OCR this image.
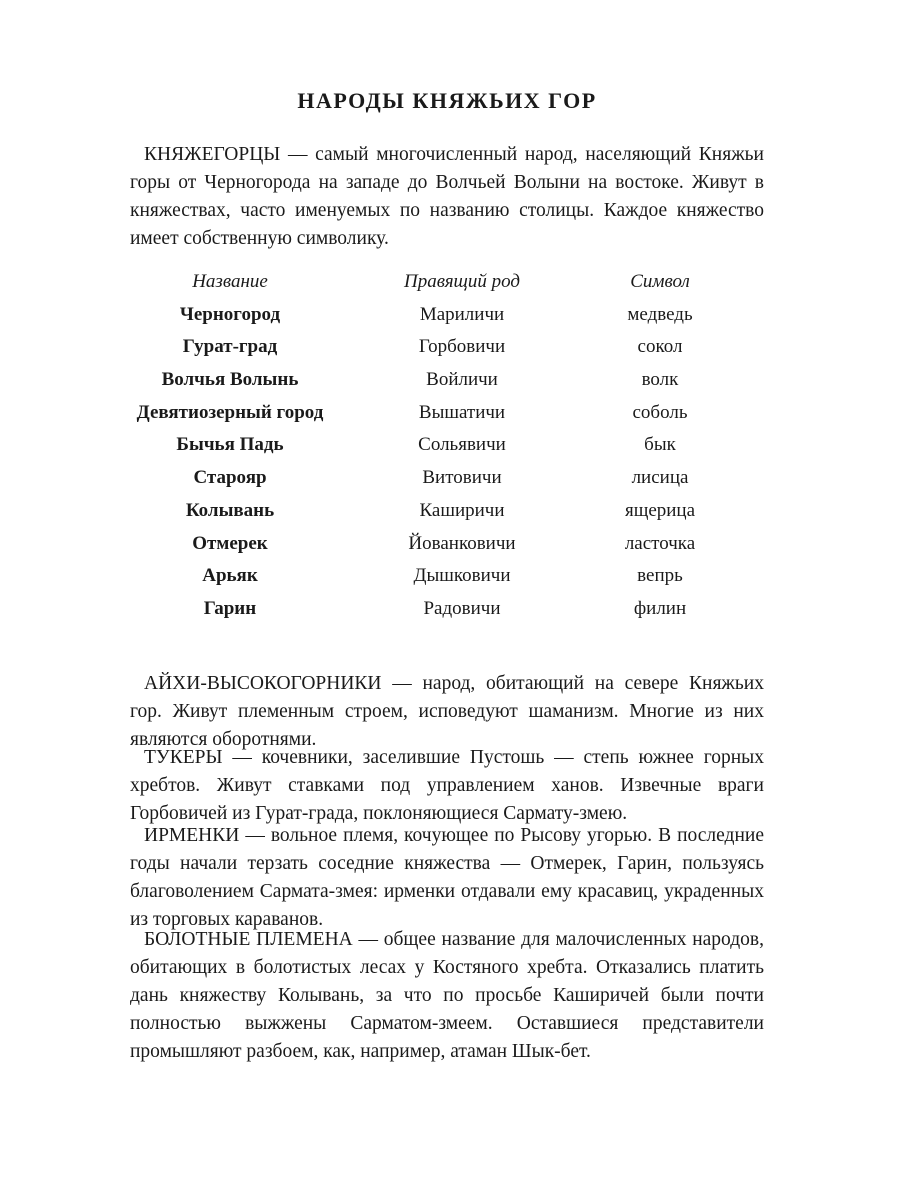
НАРОДЫ КНЯЖЬИХ ГОР

КНЯЖЕГОРЦЫ — самый многочисленный народ, населяющий Княжьи горы от Черногорода на западе до Волчьей Волыни на востоке. Живут в княжествах, часто именуемых по названию столицы. Каждое княжество имеет собственную символику.

Название	Правящий род	Символ
Черногород	Мариличи	медведь
Гурат-град	Горбовичи	сокол
Волчья Волынь	Войличи	волк
Девятиозерный город	Вышатичи	соболь
Бычья Падь	Сольявичи	бык
Старояр	Витовичи	лисица
Колывань	Каширичи	ящерица
Отмерек	Йованковичи	ласточка
Арьяк	Дышковичи	вепрь
Гарин	Радовичи	филин

АЙХИ-ВЫСОКОГОРНИКИ — народ, обитающий на севере Княжьих гор. Живут племенным строем, исповедуют шаманизм. Многие из них являются оборотнями.

ТУКЕРЫ — кочевники, заселившие Пустошь — степь южнее горных хребтов. Живут ставками под управлением ханов. Извечные враги Горбовичей из Гурат-града, поклоняющиеся Сармату-змею.

ИРМЕНКИ — вольное племя, кочующее по Рысову угорью. В последние годы начали терзать соседние княжества — Отмерек, Гарин, пользуясь благоволением Сармата-змея: ирменки отдавали ему красавиц, украденных из торговых караванов.

БОЛОТНЫЕ ПЛЕМЕНА — общее название для малочисленных народов, обитающих в болотистых лесах у Костяного хребта. Отказались платить дань княжеству Колывань, за что по просьбе Каширичей были почти полностью выжжены Сарматом-змеем. Оставшиеся представители промышляют разбоем, как, например, атаман Шык-бет.
